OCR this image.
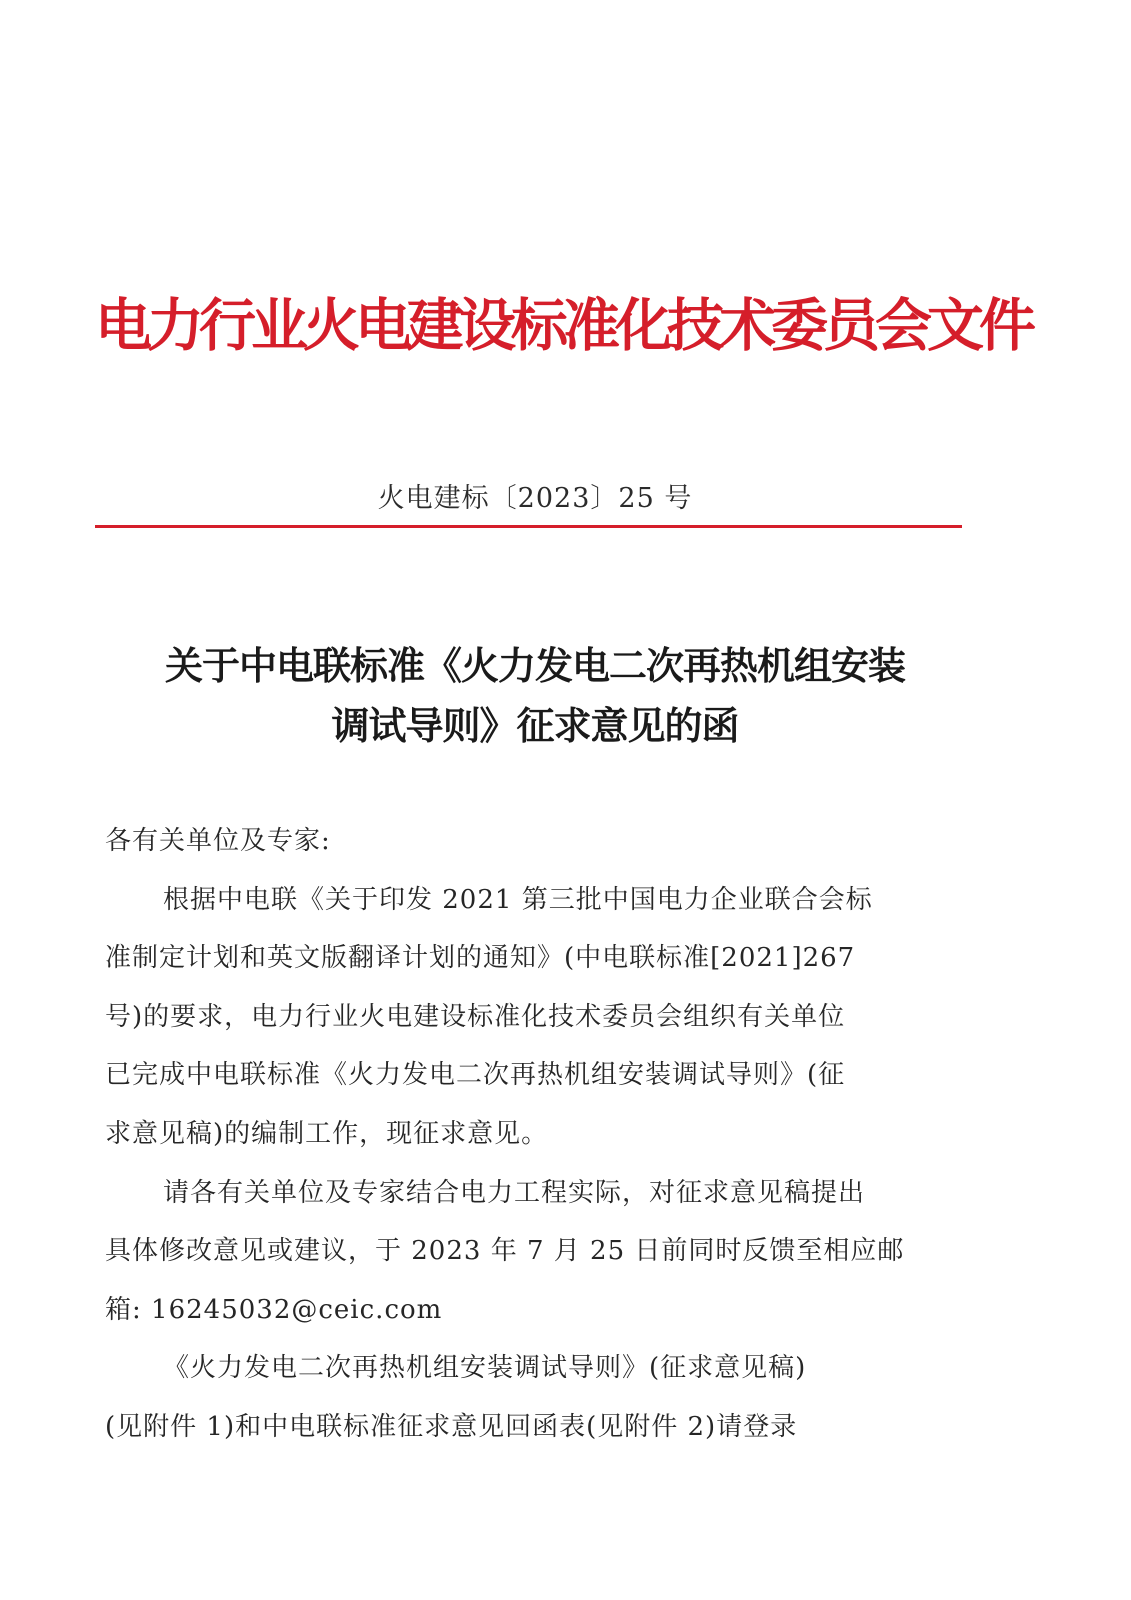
电力行业火电建设标准化技术委员会文件
火电建标〔2023〕25 号
关于中电联标准《火力发电二次再热机组安装
调试导则》征求意见的函
各有关单位及专家:
根据中电联《关于印发 2021 第三批中国电力企业联合会标
准制定计划和英文版翻译计划的通知》(中电联标准[2021]267
号)的要求，电力行业火电建设标准化技术委员会组织有关单位
已完成中电联标准《火力发电二次再热机组安装调试导则》(征
求意见稿)的编制工作，现征求意见。
请各有关单位及专家结合电力工程实际，对征求意见稿提出
具体修改意见或建议，于 2023 年 7 月 25 日前同时反馈至相应邮
箱: 16245032@ceic.com
《火力发电二次再热机组安装调试导则》(征求意见稿)
(见附件 1)和中电联标准征求意见回函表(见附件 2)请登录
